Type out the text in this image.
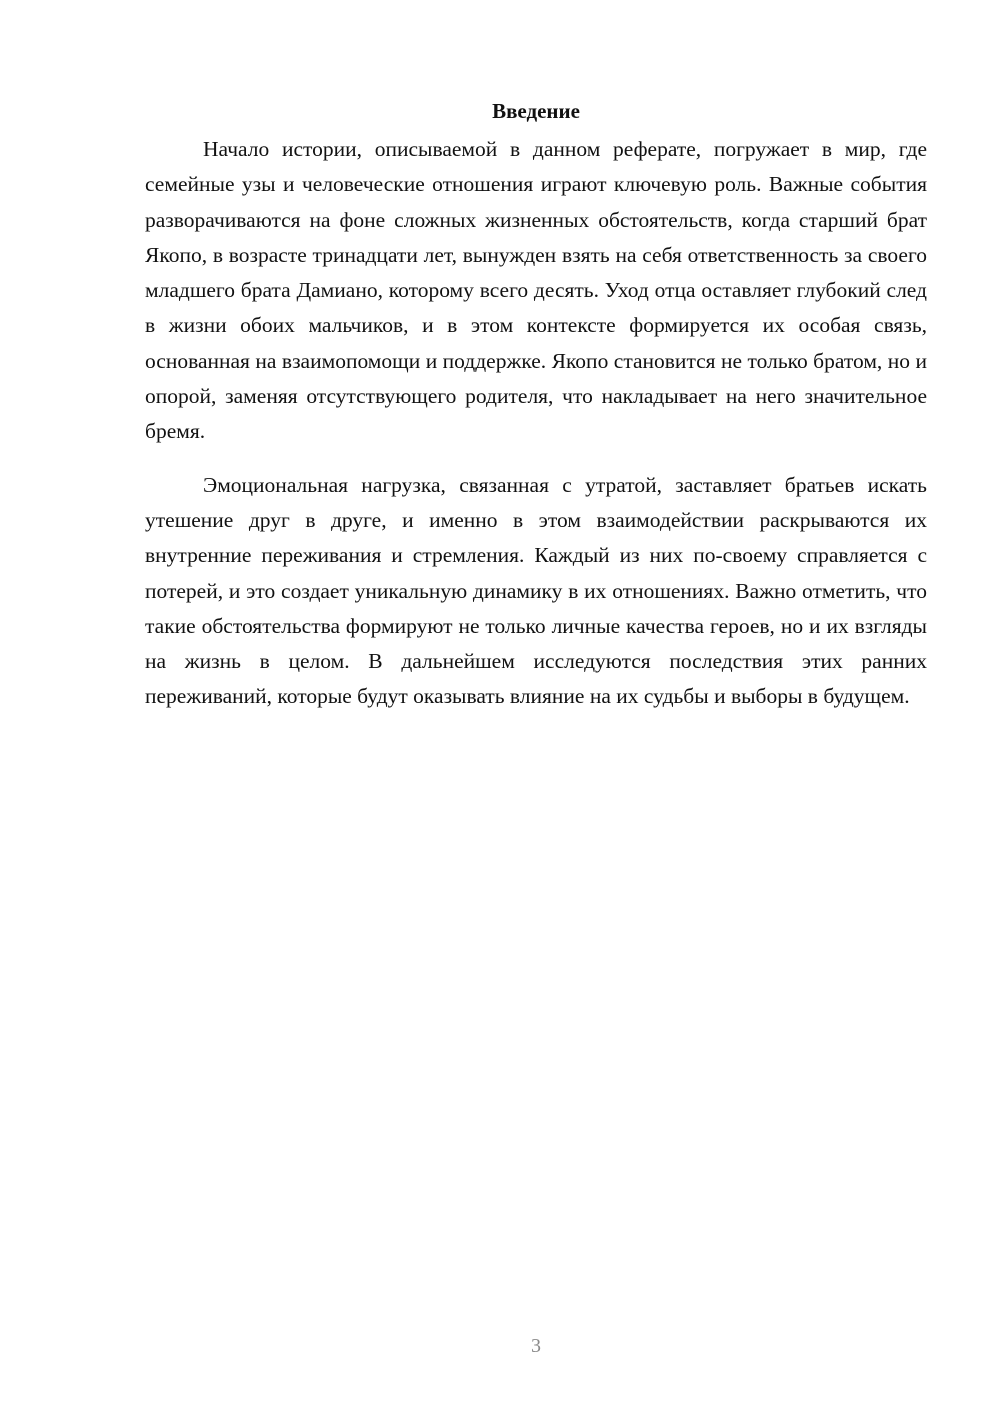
Введение

Начало истории, описываемой в данном реферате, погружает в мир, где семейные узы и человеческие отношения играют ключевую роль. Важные события разворачиваются на фоне сложных жизненных обстоятельств, когда старший брат Якопо, в возрасте тринадцати лет, вынужден взять на себя ответственность за своего младшего брата Дамиано, которому всего десять. Уход отца оставляет глубокий след в жизни обоих мальчиков, и в этом контексте формируется их особая связь, основанная на взаимопомощи и поддержке. Якопо становится не только братом, но и опорой, заменяя отсутствующего родителя, что накладывает на него значительное бремя.

Эмоциональная нагрузка, связанная с утратой, заставляет братьев искать утешение друг в друге, и именно в этом взаимодействии раскрываются их внутренние переживания и стремления. Каждый из них по-своему справляется с потерей, и это создает уникальную динамику в их отношениях. Важно отметить, что такие обстоятельства формируют не только личные качества героев, но и их взгляды на жизнь в целом. В дальнейшем исследуются последствия этих ранних переживаний, которые будут оказывать влияние на их судьбы и выборы в будущем.

3
